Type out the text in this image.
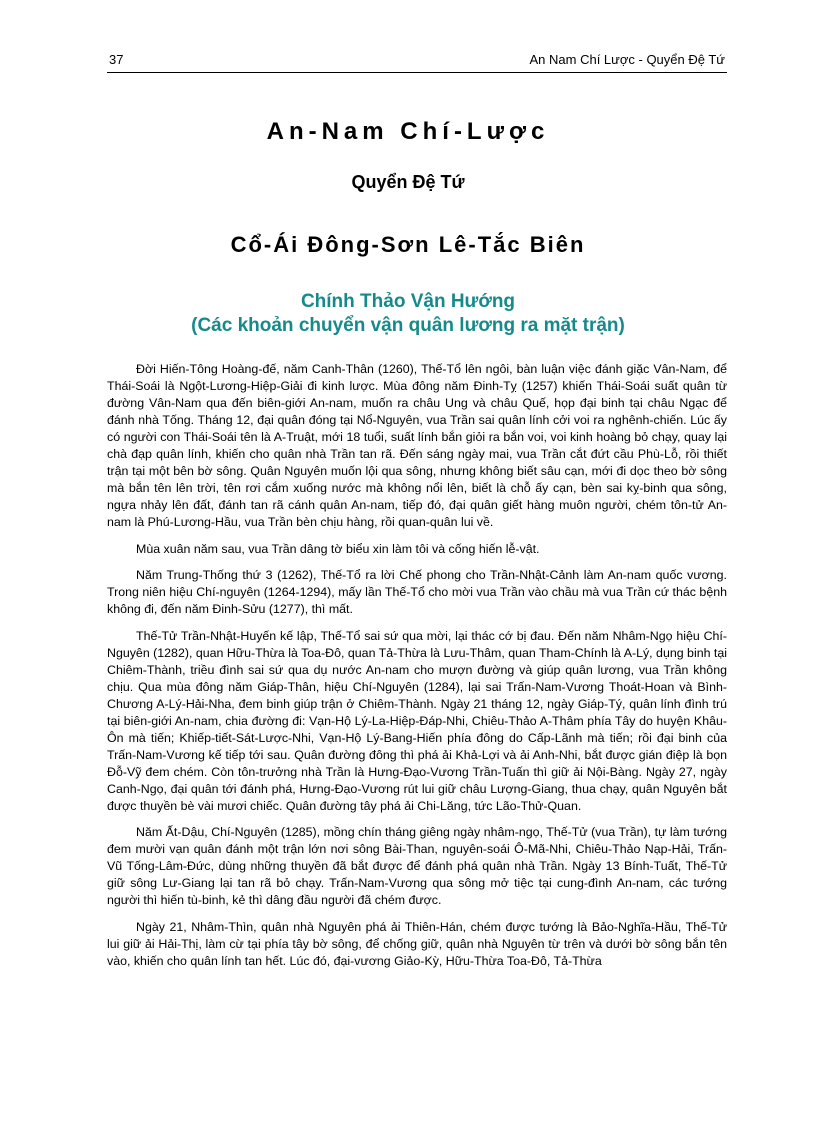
37	An Nam Chí Lược - Quyển Đệ Tứ
An-Nam Chí-Lược
Quyển Đệ Tứ
Cổ-Ái Đông-Sơn Lê-Tắc Biên
Chính Thảo Vận Hướng
(Các khoản chuyển vận quân lương ra mặt trận)

Đời Hiến-Tông Hoàng-đế, năm Canh-Thân (1260), Thế-Tổ lên ngôi, bàn luận việc đánh giặc Vân-Nam, để Thái-Soái là Ngột-Lương-Hiệp-Giải đi kinh lược. Mùa đông năm Đinh-Tỵ (1257) khiến Thái-Soái suất quân từ đường Vân-Nam qua đến biên-giới An-nam, muốn ra châu Ung và châu Quế, họp đại binh tại châu Ngạc để đánh nhà Tống. Tháng 12, đại quân đóng tại Nổ-Nguyên, vua Trần sai quân lính cởi voi ra nghênh-chiến. Lúc ấy có người con Thái-Soái tên là A-Truật, mới 18 tuổi, suất lính bắn giỏi ra bắn voi, voi kinh hoàng bỏ chạy, quay lại chà đạp quân lính, khiến cho quân nhà Trần tan rã. Đến sáng ngày mai, vua Trần cắt đứt cầu Phù-Lỗ, rồi thiết trận tại một bên bờ sông. Quân Nguyên muốn lội qua sông, nhưng không biết sâu cạn, mới đi dọc theo bờ sông mà bắn tên lên trời, tên rơi cắm xuống nước mà không nổi lên, biết là chỗ ấy cạn, bèn sai kỵ-binh qua sông, ngựa nhảy lên đất, đánh tan rã cánh quân An-nam, tiếp đó, đại quân giết hàng muôn người, chém tôn-tử An-nam là Phú-Lương-Hầu, vua Trần bèn chịu hàng, rồi quan-quân lui về.

Mùa xuân năm sau, vua Trần dâng tờ biểu xin làm tôi và cống hiến lễ-vật.

Năm Trung-Thống thứ 3 (1262), Thế-Tổ ra lời Chế phong cho Trần-Nhật-Cảnh làm An-nam quốc vương. Trong niên hiệu Chí-nguyên (1264-1294), mấy lần Thế-Tổ cho mời vua Trần vào chầu mà vua Trần cứ thác bệnh không đi, đến năm Đinh-Sửu (1277), thì mất.

Thế-Tử Trần-Nhật-Huyến kế lập, Thế-Tổ sai sứ qua mời, lại thác cớ bị đau. Đến năm Nhâm-Ngọ hiệu Chí-Nguyên (1282), quan Hữu-Thừa là Toa-Đô, quan Tả-Thừa là Lưu-Thâm, quan Tham-Chính là A-Lý, dụng binh tại Chiêm-Thành, triều đình sai sứ qua dụ nước An-nam cho mượn đường và giúp quân lương, vua Trần không chịu. Qua mùa đông năm Giáp-Thân, hiệu Chí-Nguyên (1284), lại sai Trấn-Nam-Vương Thoát-Hoan và Bình-Chương A-Lý-Hải-Nha, đem binh giúp trận ở Chiêm-Thành. Ngày 21 tháng 12, ngày Giáp-Tý, quân lính đình trú tại biên-giới An-nam, chia đường đi: Vạn-Hộ Lý-La-Hiệp-Đáp-Nhi, Chiêu-Thảo A-Thâm phía Tây do huyện Khâu-Ôn mà tiến; Khiếp-tiết-Sát-Lược-Nhi, Vạn-Hộ Lý-Bang-Hiến phía đông do Cấp-Lãnh mà tiến; rồi đại binh của Trấn-Nam-Vương kế tiếp tới sau. Quân đường đông thì phá ải Khả-Lợi và ải Anh-Nhi, bắt được gián điệp là bọn Đỗ-Vỹ đem chém. Còn tôn-trưởng nhà Trần là Hưng-Đạo-Vương Trần-Tuấn thì giữ ải Nội-Bàng. Ngày 27, ngày Canh-Ngọ, đại quân tới đánh phá, Hưng-Đạo-Vương rút lui giữ châu Lượng-Giang, thua chạy, quân Nguyên bắt được thuyền bè vài mươi chiếc. Quân đường tây phá ải Chi-Lăng, tức Lão-Thử-Quan.

Năm Ất-Dậu, Chí-Nguyên (1285), mồng chín tháng giêng ngày nhâm-ngọ, Thế-Tử (vua Trần), tự làm tướng đem mười vạn quân đánh một trận lớn nơi sông Bài-Than, nguyên-soái Ô-Mã-Nhi, Chiêu-Thảo Nạp-Hải, Trấn-Vũ Tống-Lâm-Đức, dùng những thuyền đã bắt được để đánh phá quân nhà Trần. Ngày 13 Bính-Tuất, Thế-Tử giữ sông Lư-Giang lại tan rã bỏ chạy. Trấn-Nam-Vương qua sông mở tiệc tại cung-đình An-nam, các tướng người thì hiến tù-binh, kẻ thì dâng đầu người đã chém được.

Ngày 21, Nhâm-Thìn, quân nhà Nguyên phá ải Thiên-Hán, chém được tướng là Bảo-Nghĩa-Hầu, Thế-Tử lui giữ ải Hải-Thị, làm cừ tại phía tây bờ sông, để chống giữ, quân nhà Nguyên từ trên và dưới bờ sông bắn tên vào, khiến cho quân lính tan hết. Lúc đó, đại-vương Giảo-Kỳ, Hữu-Thừa Toa-Đô, Tả-Thừa
